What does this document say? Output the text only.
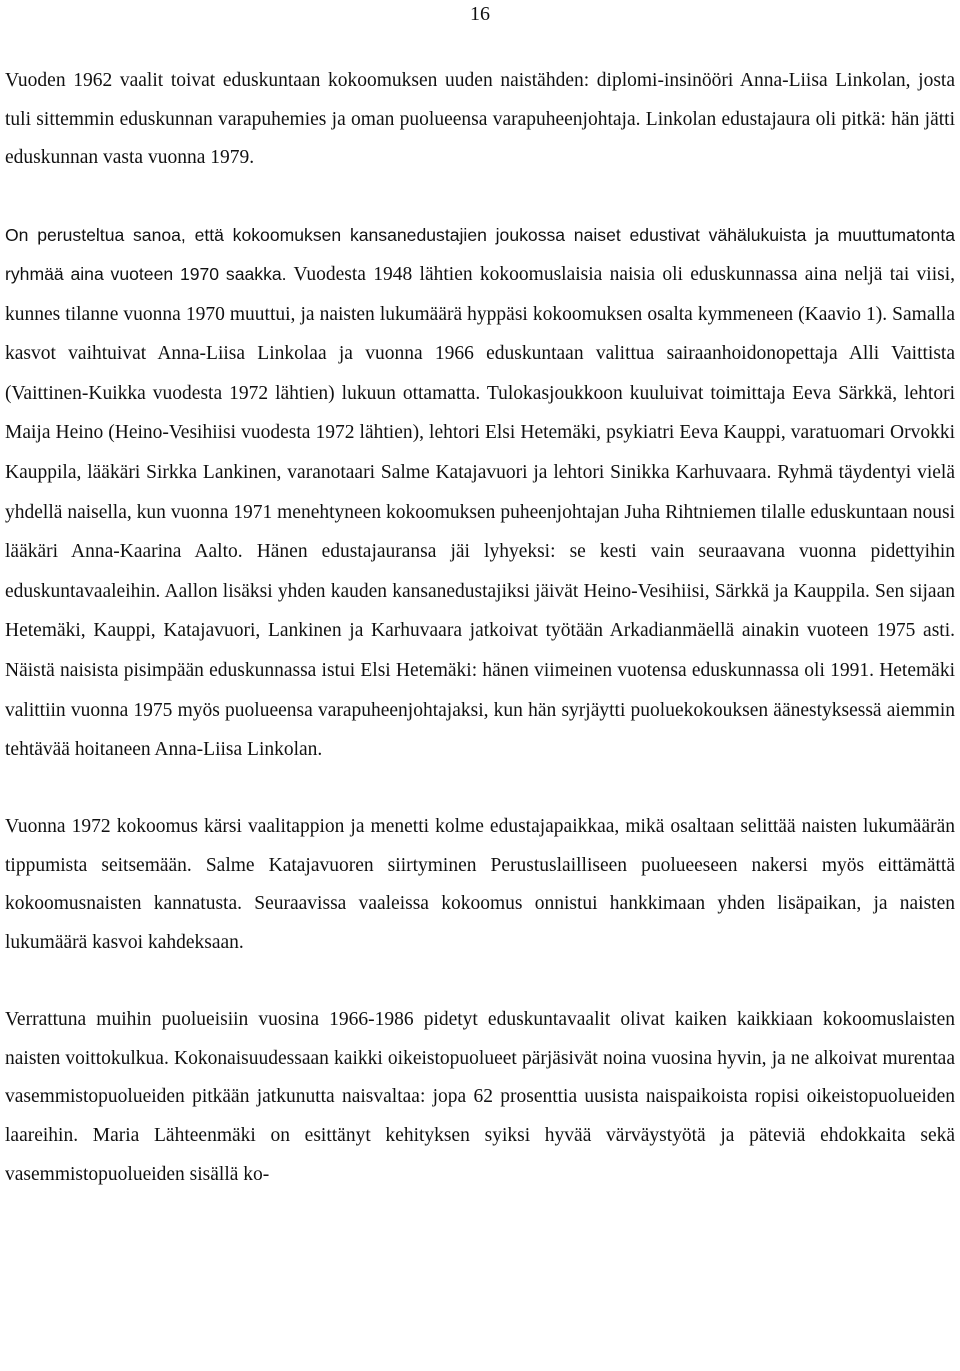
16

Vuoden 1962 vaalit toivat eduskuntaan kokoomuksen uuden naistähden: diplomi-insinööri Anna-Liisa Linkolan, josta tuli sittemmin eduskunnan varapuhemies ja oman puolueensa varapuheenjohtaja. Linkolan edustajaura oli pitkä: hän jätti eduskunnan vasta vuonna 1979.

On perusteltua sanoa, että kokoomuksen kansanedustajien joukossa naiset edustivat vähälukuista ja muuttumatonta ryhmää aina vuoteen 1970 saakka. Vuodesta 1948 lähtien kokoomuslaisia naisia oli eduskunnassa aina neljä tai viisi, kunnes tilanne vuonna 1970 muuttui, ja naisten lukumäärä hyppäsi kokoomuksen osalta kymmeneen (Kaavio 1). Samalla kasvot vaihtuivat Anna-Liisa Linkolaa ja vuonna 1966 eduskuntaan valittua sairaanhoidonopettaja Alli Vaittista (Vaittinen-Kuikka vuodesta 1972 lähtien) lukuun ottamatta. Tulokasjoukkoon kuuluivat toimittaja Eeva Särkkä, lehtori Maija Heino (Heino-Vesihiisi vuodesta 1972 lähtien), lehtori Elsi Hetemäki, psykiatri Eeva Kauppi, varatuomari Orvokki Kauppila, lääkäri Sirkka Lankinen, varanotaari Salme Katajavuori ja lehtori Sinikka Karhuvaara. Ryhmä täydentyi vielä yhdellä naisella, kun vuonna 1971 menehtyneen kokoomuksen puheenjohtajan Juha Rihtniemen tilalle eduskuntaan nousi lääkäri Anna-Kaarina Aalto. Hänen edustajauransa jäi lyhyeksi: se kesti vain seuraavana vuonna pidettyihin eduskuntavaaleihin. Aallon lisäksi yhden kauden kansanedustajiksi jäivät Heino-Vesihiisi, Särkkä ja Kauppila. Sen sijaan Hetemäki, Kauppi, Katajavuori, Lankinen ja Karhuvaara jatkoivat työtään Arkadianmäellä ainakin vuoteen 1975 asti. Näistä naisista pisimpään eduskunnassa istui Elsi Hetemäki: hänen viimeinen vuotensa eduskunnassa oli 1991. Hetemäki valittiin vuonna 1975 myös puolueensa varapuheenjohtajaksi, kun hän syrjäytti puoluekokouksen äänestyksessä aiemmin tehtävää hoitaneen Anna-Liisa Linkolan.

Vuonna 1972 kokoomus kärsi vaalitappion ja menetti kolme edustajapaikkaa, mikä osaltaan selittää naisten lukumäärän tippumista seitsemään. Salme Katajavuoren siirtyminen Perustuslailliseen puolueeseen nakersi myös eittämättä kokoomusnaisten kannatusta. Seuraavissa vaaleissa kokoomus onnistui hankkimaan yhden lisäpaikan, ja naisten lukumäärä kasvoi kahdeksaan.

Verrattuna muihin puolueisiin vuosina 1966-1986 pidetyt eduskuntavaalit olivat kaiken kaikkiaan kokoomuslaisten naisten voittokulkua. Kokonaisuudessaan kaikki oikeistopuolueet pärjäsivät noina vuosina hyvin, ja ne alkoivat murentaa vasemmistopuolueiden pitkään jatkunutta naisvaltaa: jopa 62 prosenttia uusista naispaikoista ropisi oikeistopuolueiden laareihin. Maria Lähteenmäki on esittänyt kehityksen syiksi hyvää värväystyötä ja päteviä ehdokkaita sekä vasemmistopuolueiden sisällä ko-
